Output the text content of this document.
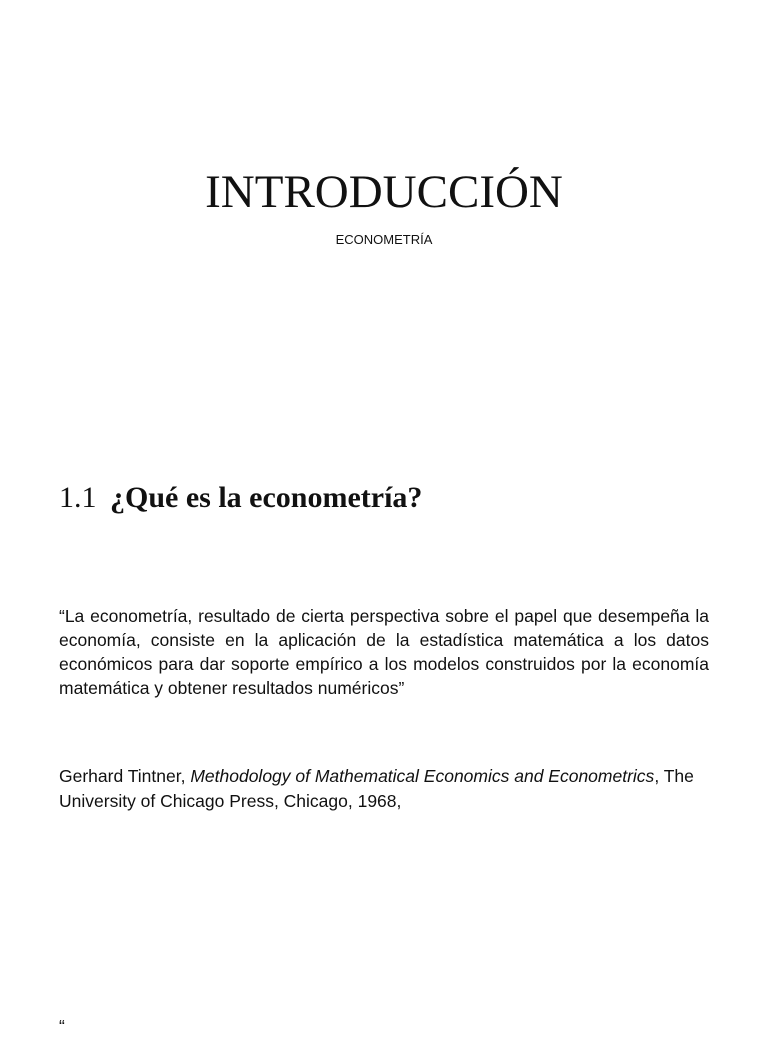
INTRODUCCIÓN
ECONOMETRÍA
1.1 ¿Qué es la econometría?

“La econometría, resultado de cierta perspectiva sobre el papel que desempeña la economía, consiste en la aplicación de la estadística matemática a los datos económicos para dar soporte empírico a los modelos construidos por la economía matemática y obtener resultados numéricos”

Gerhard Tintner, Methodology of Mathematical Economics and Econometrics, The University of Chicago Press, Chicago, 1968,

“
